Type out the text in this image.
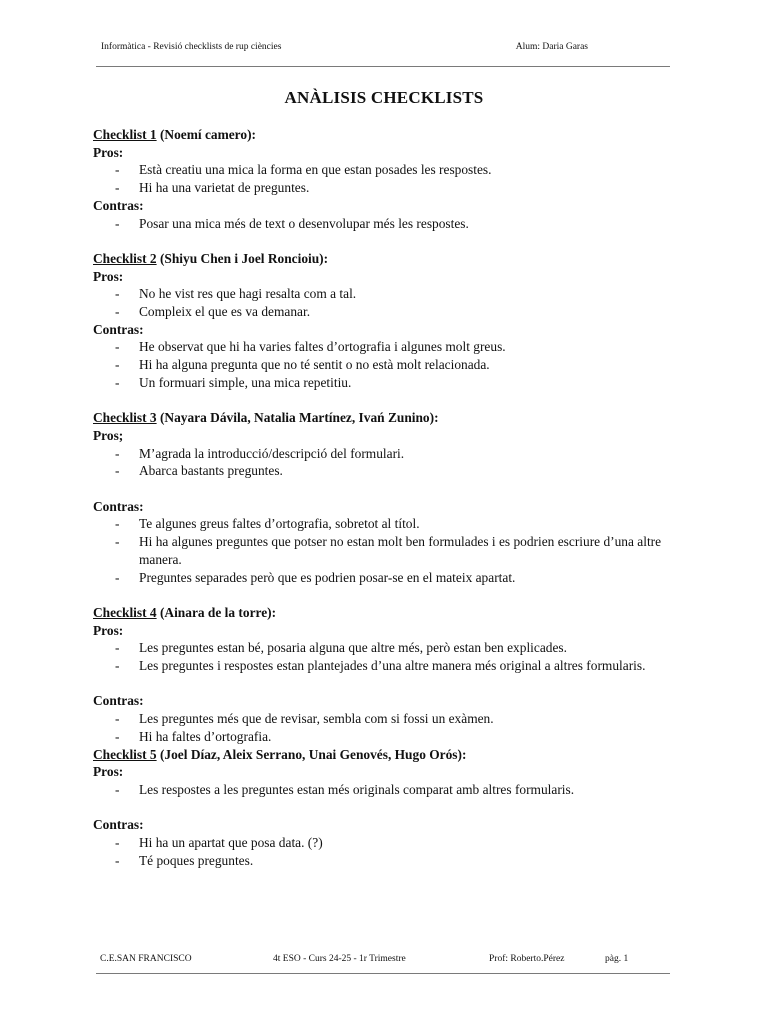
Informàtica - Revisió checklists de rup ciències	Alum: Daria Garas
ANÀLISIS CHECKLISTS
Checklist 1 (Noemí camero):
Pros:
- Està creatiu una mica la forma en que estan posades les respostes.
- Hi ha una varietat de preguntes.
Contras:
- Posar una mica més de text o desenvolupar més les respostes.
Checklist 2 (Shiyu Chen i Joel Roncioiu):
Pros:
- No he vist res que hagi resalta com a tal.
- Compleix el que es va demanar.
Contras:
- He observat que hi ha varies faltes d’ortografia i algunes molt greus.
- Hi ha alguna pregunta que no té sentit o no està molt relacionada.
- Un formuari simple, una mica repetitiu.
Checklist 3 (Nayara Dávila, Natalia Martínez, Ivań Zunino):
Pros;
- M’agrada la introducció/descripció del formulari.
- Abarca bastants preguntes.
Contras:
- Te algunes greus faltes d’ortografia, sobretot al títol.
- Hi ha algunes preguntes que potser no estan molt ben formulades i es podrien escriure d’una altre manera.
- Preguntes separades però que es podrien posar-se en el mateix apartat.
Checklist 4 (Ainara de la torre):
Pros:
- Les preguntes estan bé, posaria alguna que altre més, però estan ben explicades.
- Les preguntes i respostes estan plantejades d’una altre manera més original a altres formularis.
Contras:
- Les preguntes més que de revisar, sembla com si fossi un exàmen.
- Hi ha faltes d’ortografia.
Checklist 5 (Joel Díaz, Aleix Serrano, Unai Genovés, Hugo Orós):
Pros:
- Les respostes a les preguntes estan més originals comparat amb altres formularis.
Contras:
- Hi ha un apartat que posa data. (?)
- Té poques preguntes.
C.E.SAN FRANCISCO	4t ESO - Curs 24-25 - 1r Trimestre	Prof: Roberto.Pérez	pàg. 1
